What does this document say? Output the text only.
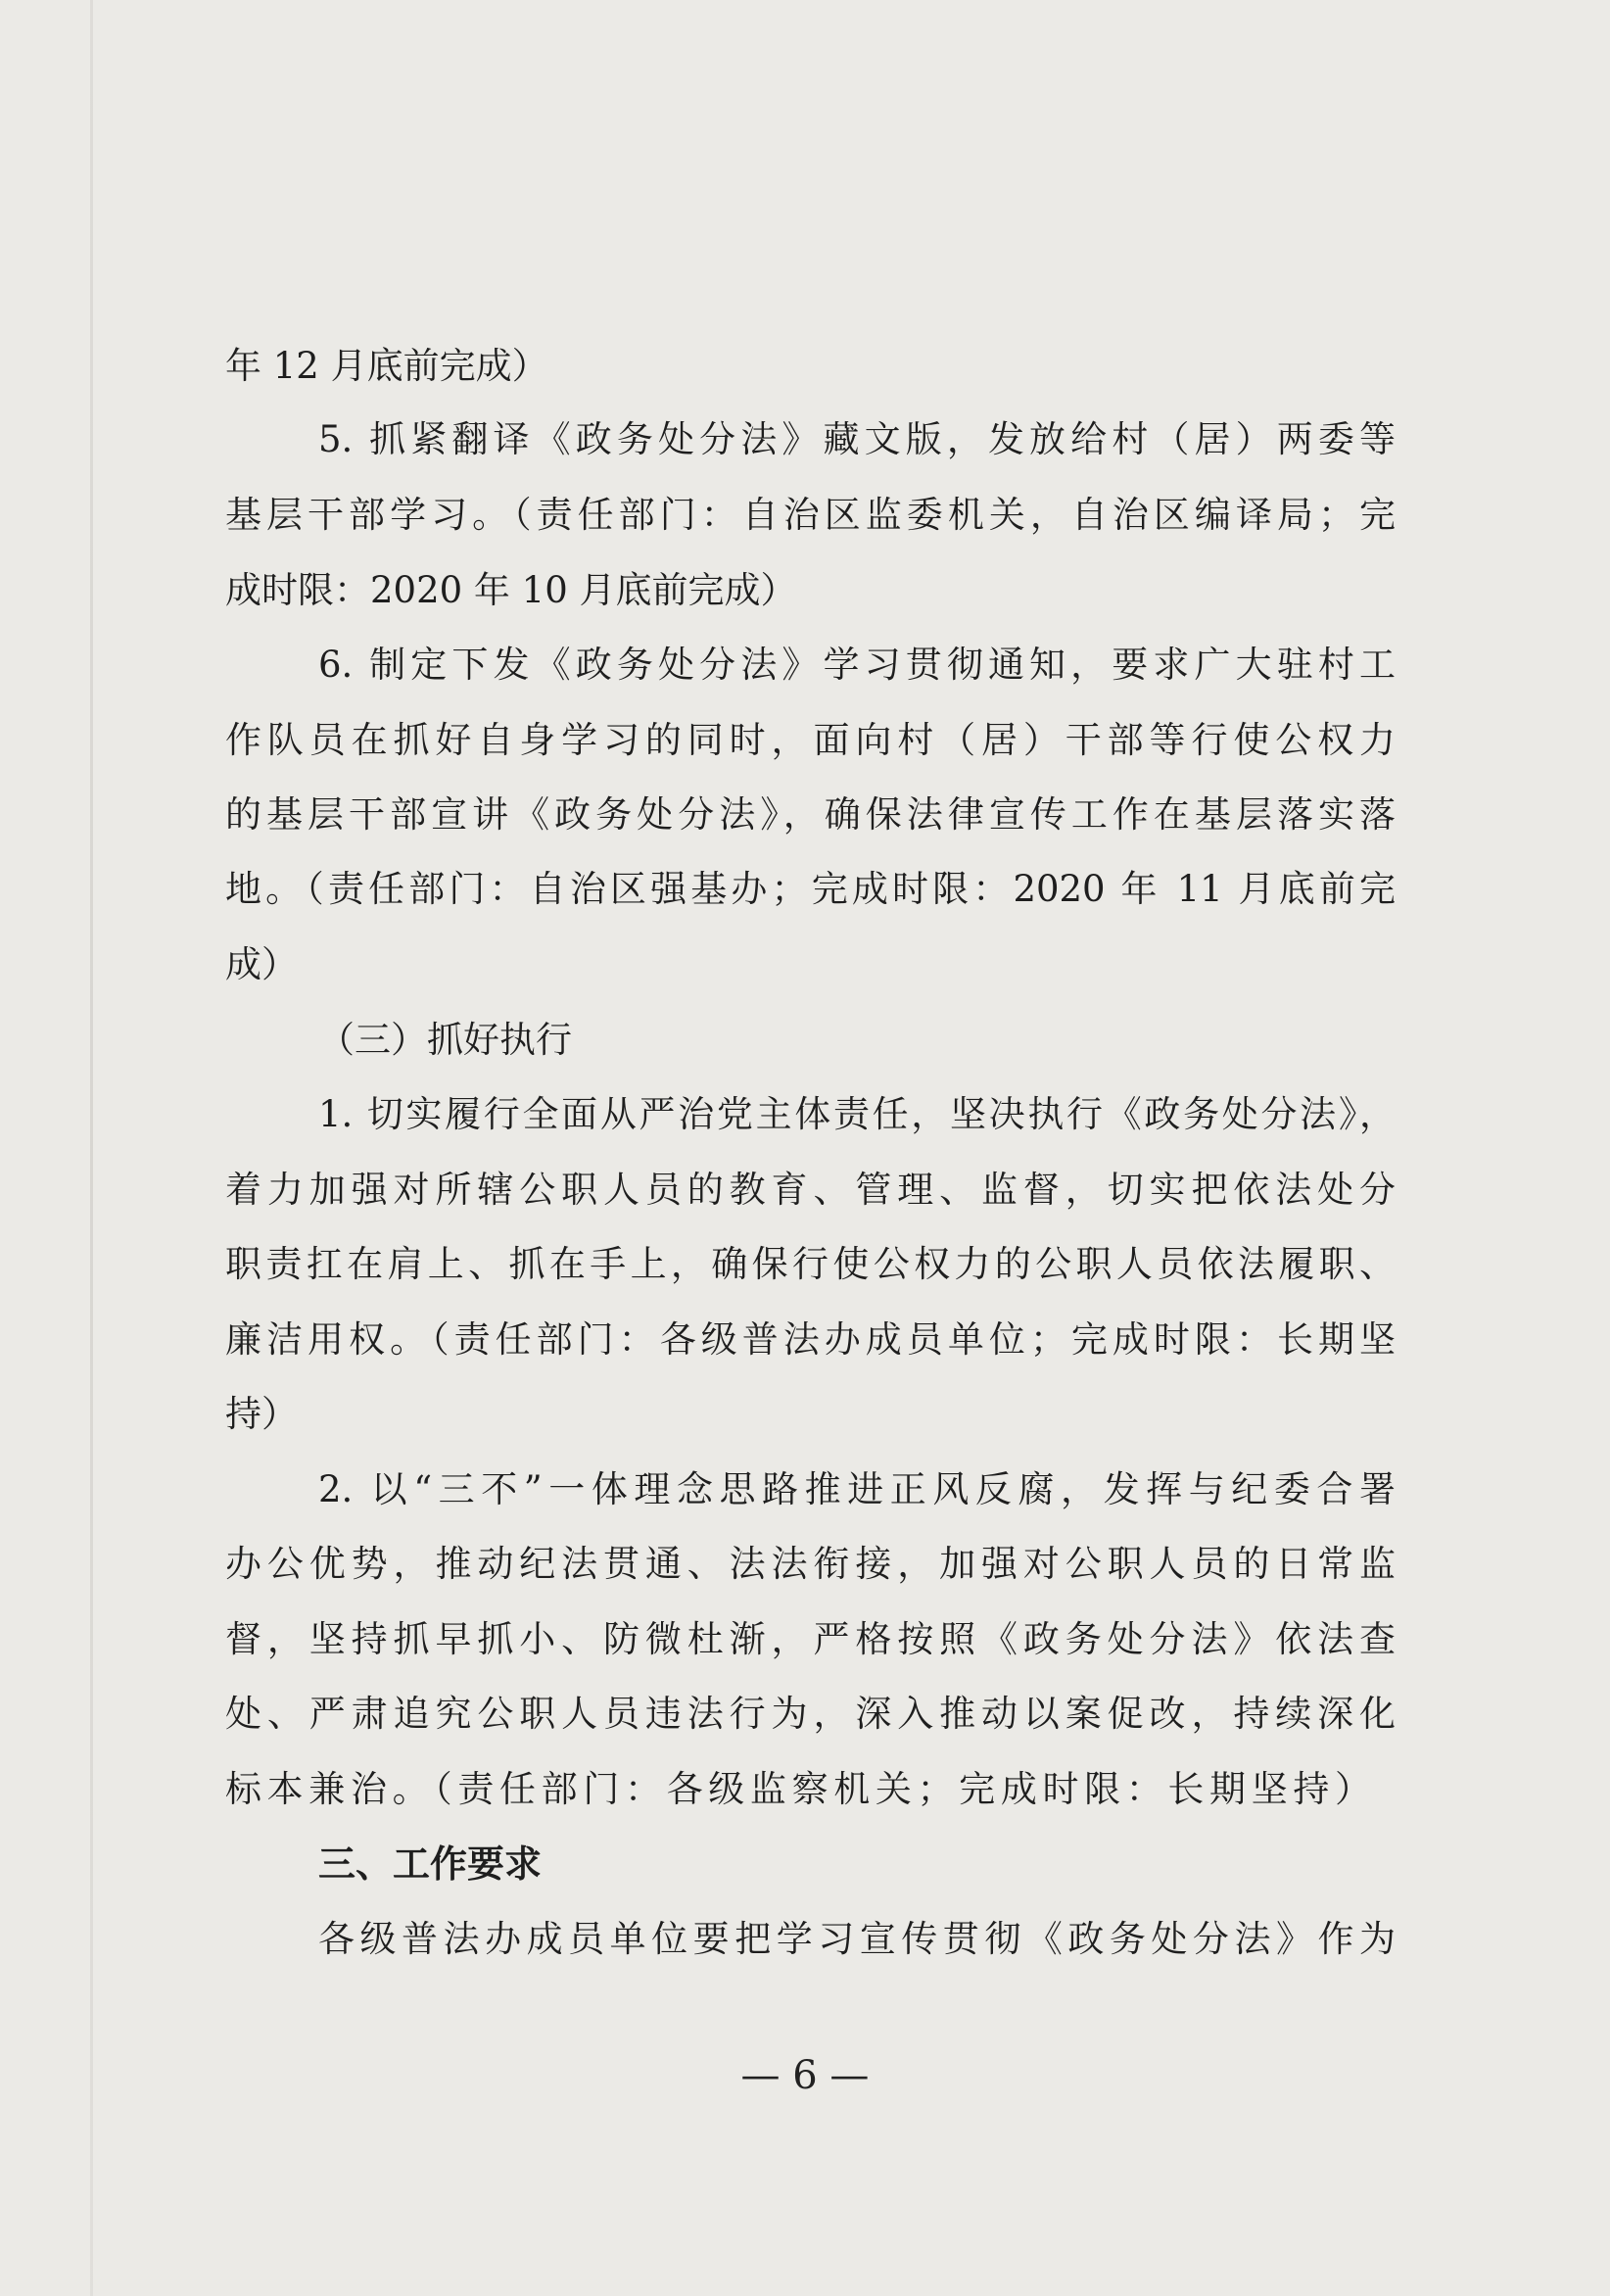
年 12 月底前完成）
5. 抓紧翻译《政务处分法》藏文版，发放给村（居）两委等
基层干部学习。（责任部门：自治区监委机关，自治区编译局；完
成时限：2020 年 10 月底前完成）
6. 制定下发《政务处分法》学习贯彻通知，要求广大驻村工
作队员在抓好自身学习的同时，面向村（居）干部等行使公权力
的基层干部宣讲《政务处分法》，确保法律宣传工作在基层落实落
地。（责任部门：自治区强基办；完成时限：2020 年 11 月底前完
成）
（三）抓好执行
1. 切实履行全面从严治党主体责任，坚决执行《政务处分法》，
着力加强对所辖公职人员的教育、管理、监督，切实把依法处分
职责扛在肩上、抓在手上，确保行使公权力的公职人员依法履职、
廉洁用权。（责任部门：各级普法办成员单位；完成时限：长期坚
持）
2. 以“三不”一体理念思路推进正风反腐，发挥与纪委合署
办公优势，推动纪法贯通、法法衔接，加强对公职人员的日常监
督，坚持抓早抓小、防微杜渐，严格按照《政务处分法》依法查
处、严肃追究公职人员违法行为，深入推动以案促改，持续深化
标本兼治。（责任部门：各级监察机关；完成时限：长期坚持）
三、工作要求
各级普法办成员单位要把学习宣传贯彻《政务处分法》作为
— 6 —
